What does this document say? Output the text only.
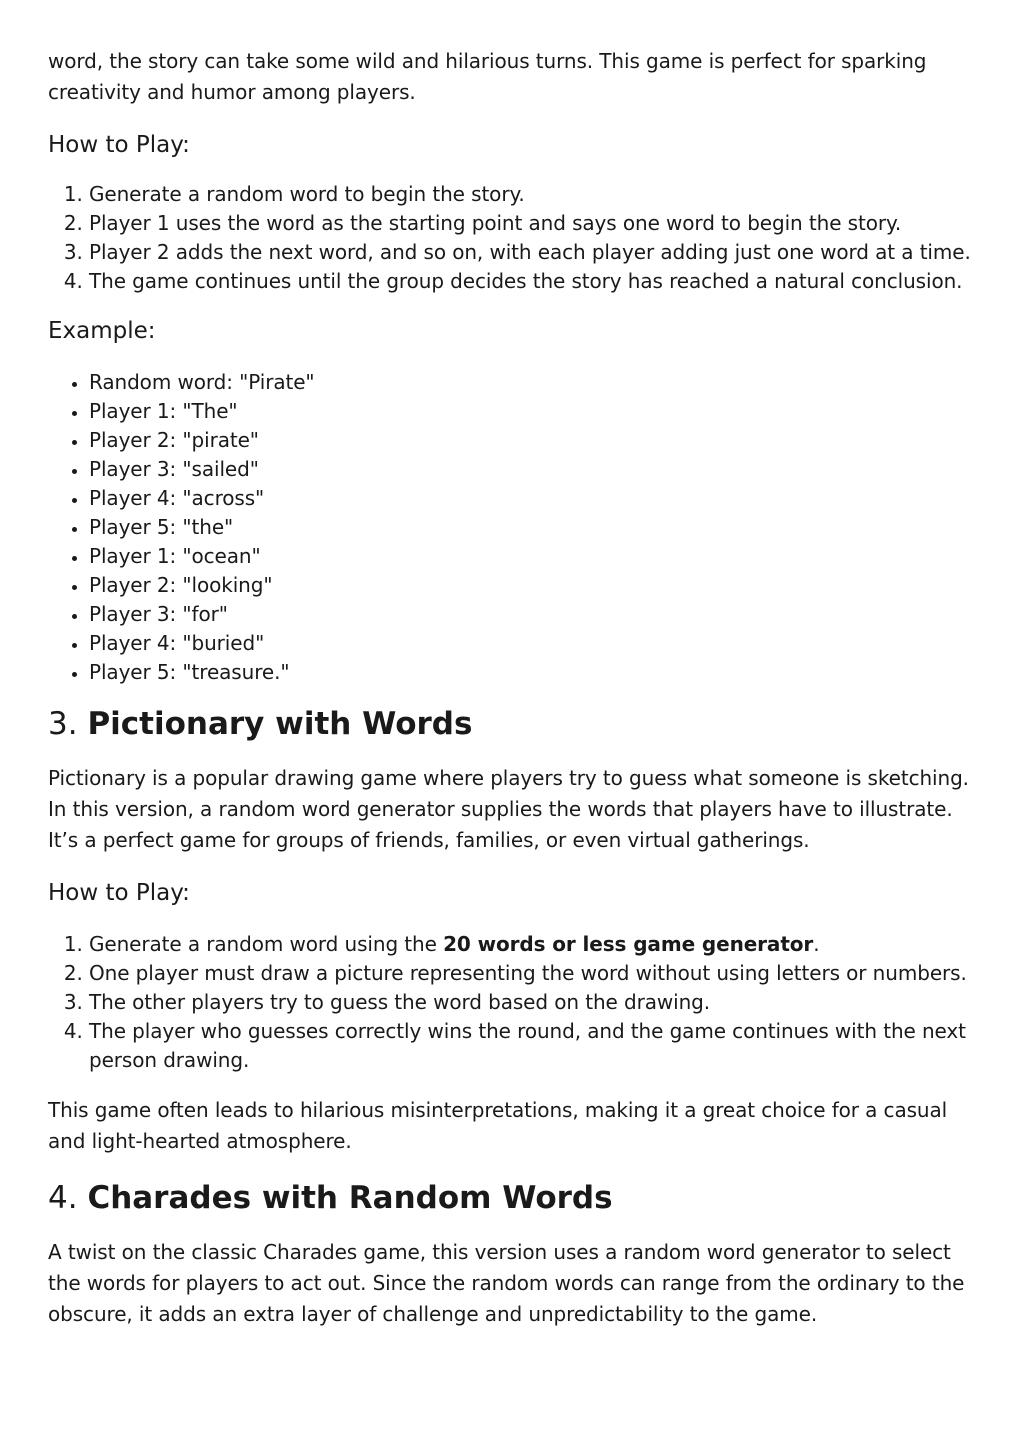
word, the story can take some wild and hilarious turns. This game is perfect for sparking creativity and humor among players.

How to Play:
1. Generate a random word to begin the story.
2. Player 1 uses the word as the starting point and says one word to begin the story.
3. Player 2 adds the next word, and so on, with each player adding just one word at a time.
4. The game continues until the group decides the story has reached a natural conclusion.
Example:
• Random word: "Pirate"
• Player 1: "The"
• Player 2: "pirate"
• Player 3: "sailed"
• Player 4: "across"
• Player 5: "the"
• Player 1: "ocean"
• Player 2: "looking"
• Player 3: "for"
• Player 4: "buried"
• Player 5: "treasure."
3. Pictionary with Words

Pictionary is a popular drawing game where players try to guess what someone is sketching. In this version, a random word generator supplies the words that players have to illustrate. It’s a perfect game for groups of friends, families, or even virtual gatherings.

How to Play:
1. Generate a random word using the 20 words or less game generator.
2. One player must draw a picture representing the word without using letters or numbers.
3. The other players try to guess the word based on the drawing.
4. The player who guesses correctly wins the round, and the game continues with the next person drawing.

This game often leads to hilarious misinterpretations, making it a great choice for a casual and light-hearted atmosphere.

4. Charades with Random Words

A twist on the classic Charades game, this version uses a random word generator to select the words for players to act out. Since the random words can range from the ordinary to the obscure, it adds an extra layer of challenge and unpredictability to the game.
